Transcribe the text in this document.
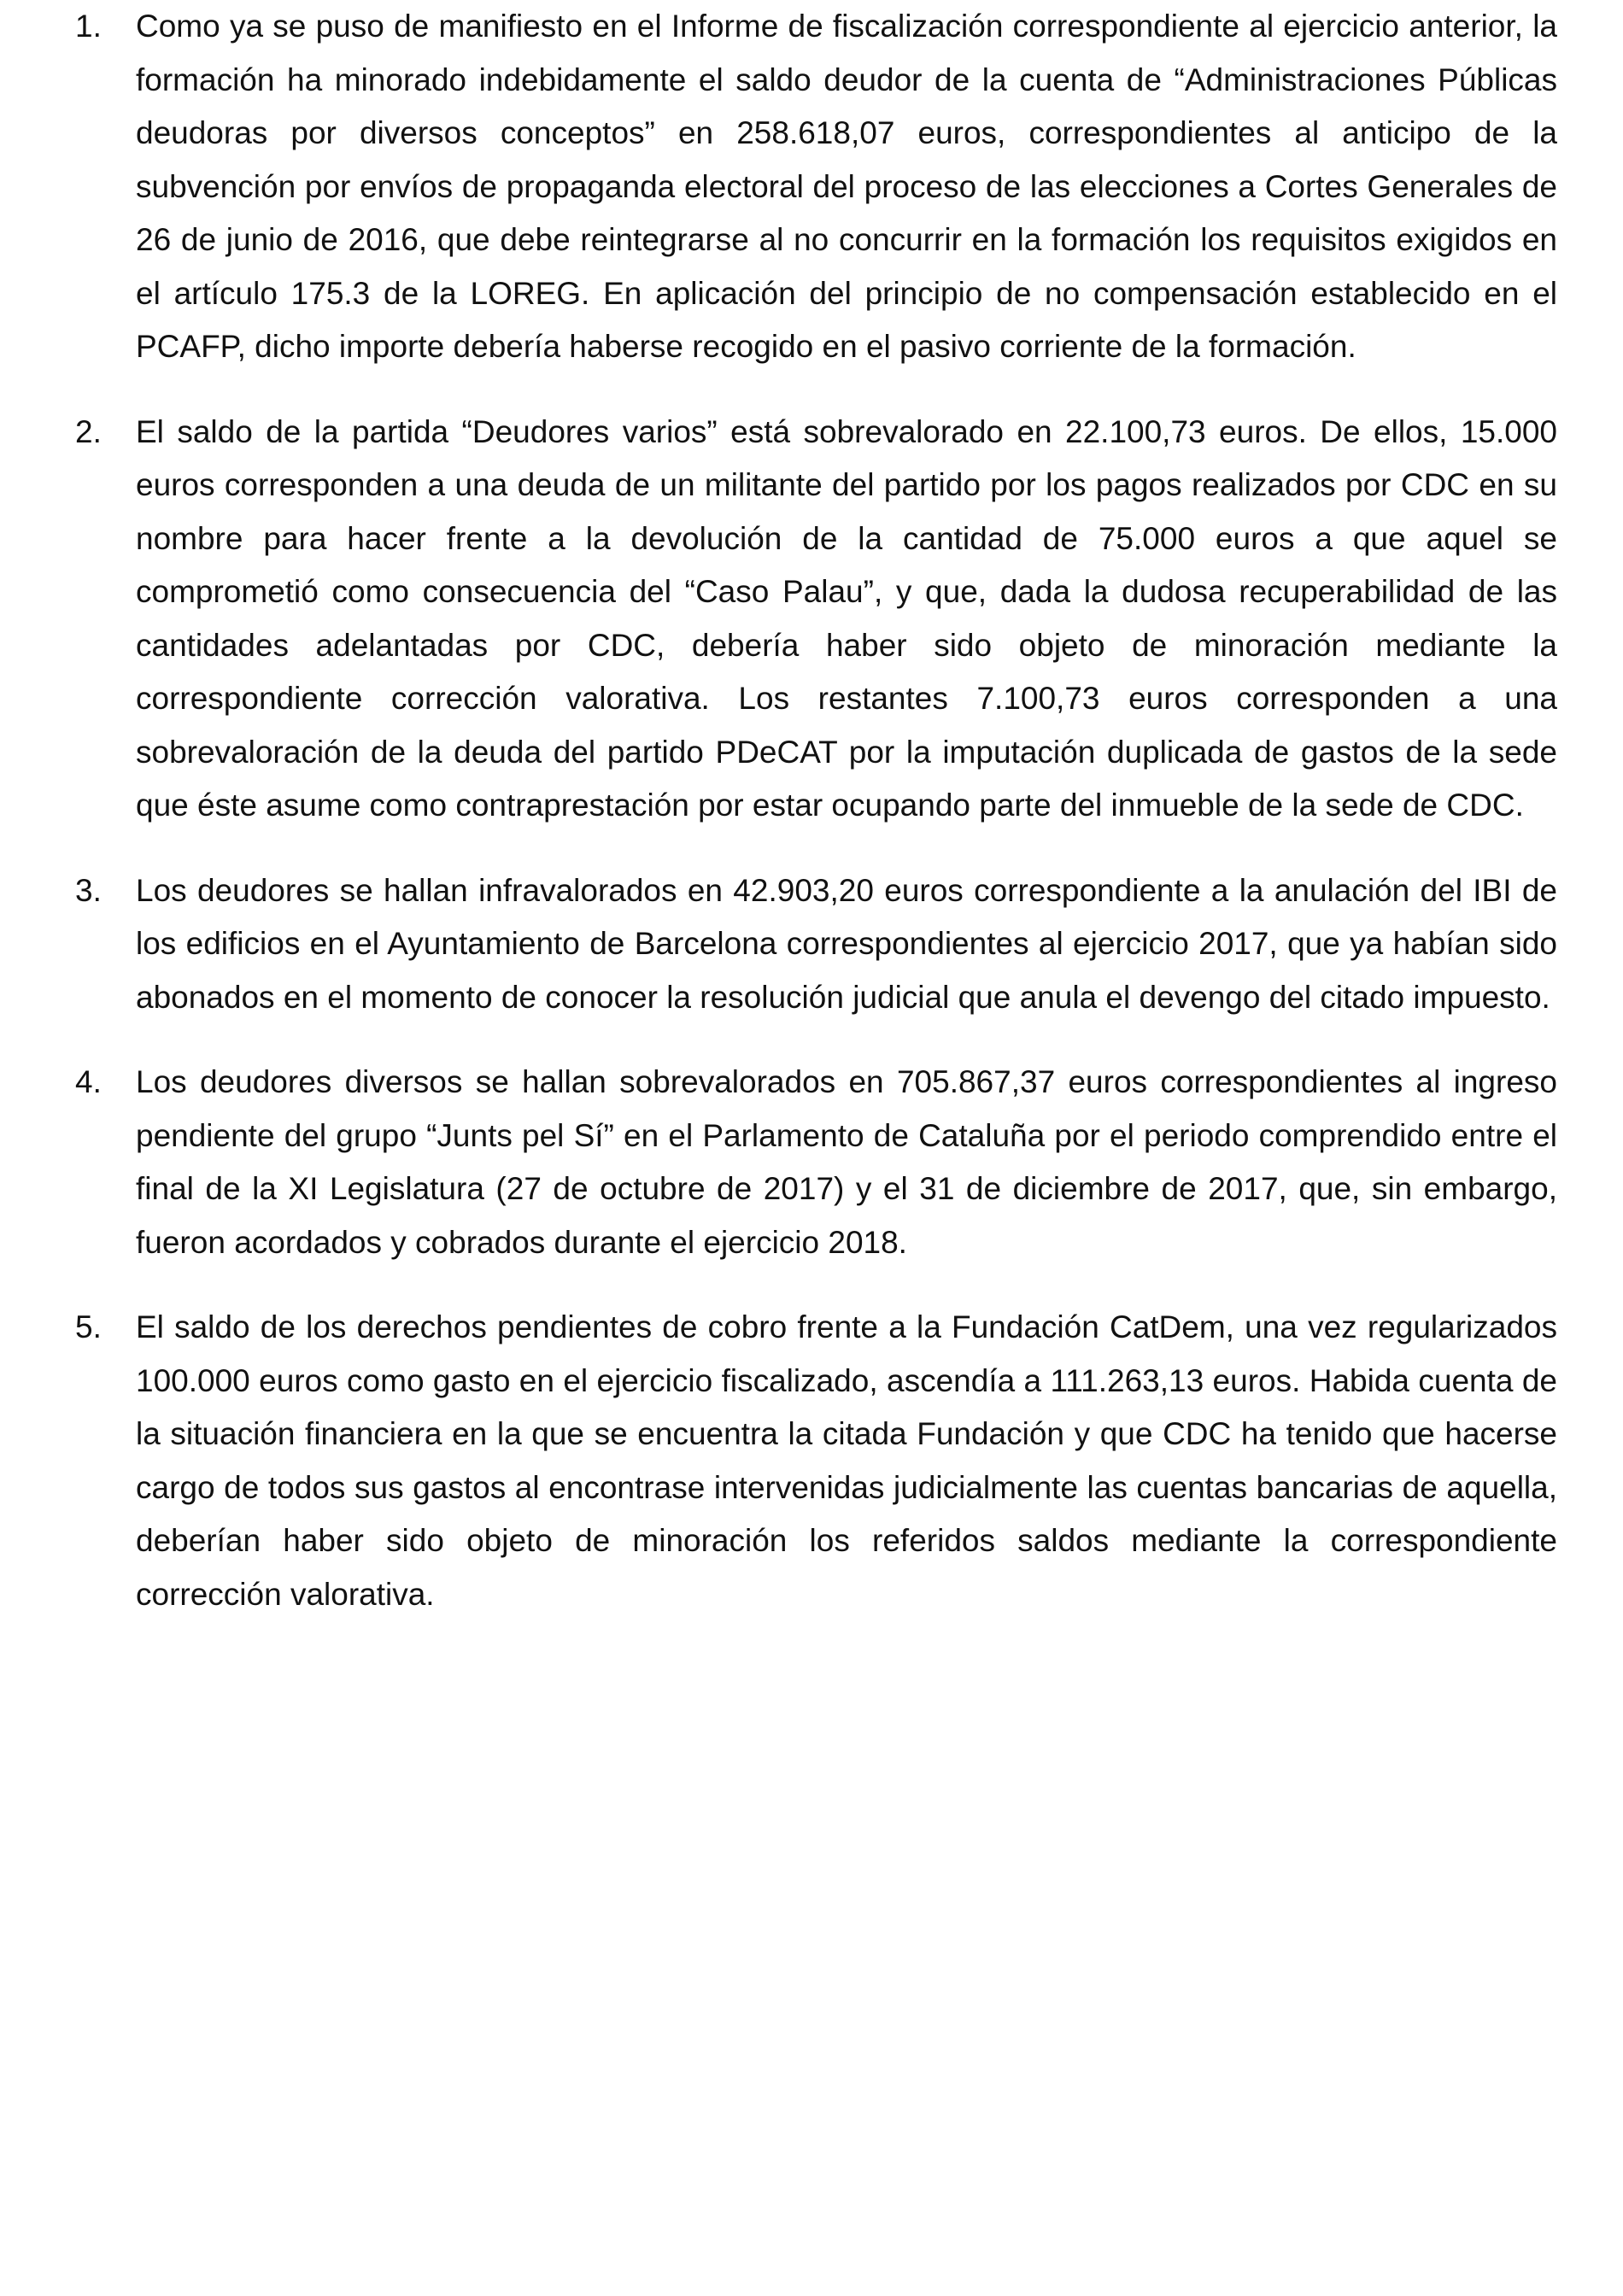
1.	Como ya se puso de manifiesto en el Informe de fiscalización correspondiente al ejercicio anterior, la formación ha minorado indebidamente el saldo deudor de la cuenta de “Administraciones Públicas deudoras por diversos conceptos” en 258.618,07 euros, correspondientes al anticipo de la subvención por envíos de propaganda electoral del proceso de las elecciones a Cortes Generales de 26 de junio de 2016, que debe reintegrarse al no concurrir en la formación los requisitos exigidos en el artículo 175.3 de la LOREG. En aplicación del principio de no compensación establecido en el PCAFP, dicho importe debería haberse recogido en el pasivo corriente de la formación.
2.	El saldo de la partida “Deudores varios” está sobrevalorado en 22.100,73 euros. De ellos, 15.000 euros corresponden a una deuda de un militante del partido por los pagos realizados por CDC en su nombre para hacer frente a la devolución de la cantidad de 75.000 euros a que aquel se comprometió como consecuencia del “Caso Palau”, y que, dada la dudosa recuperabilidad de las cantidades adelantadas por CDC, debería haber sido objeto de minoración mediante la correspondiente corrección valorativa. Los restantes 7.100,73 euros corresponden a una sobrevaloración de la deuda del partido PDeCAT por la imputación duplicada de gastos de la sede que éste asume como contraprestación por estar ocupando parte del inmueble de la sede de CDC.
3.	Los deudores se hallan infravalorados en 42.903,20 euros correspondiente a la anulación del IBI de los edificios en el Ayuntamiento de Barcelona correspondientes al ejercicio 2017, que ya habían sido abonados en el momento de conocer la resolución judicial que anula el devengo del citado impuesto.
4.	Los deudores diversos se hallan sobrevalorados en 705.867,37 euros correspondientes al ingreso pendiente del grupo “Junts pel Sí” en el Parlamento de Cataluña por el periodo comprendido entre el final de la XI Legislatura (27 de octubre de 2017) y el 31 de diciembre de 2017, que, sin embargo, fueron acordados y cobrados durante el ejercicio 2018.
5.	El saldo de los derechos pendientes de cobro frente a la Fundación CatDem, una vez regularizados 100.000 euros como gasto en el ejercicio fiscalizado, ascendía a 111.263,13 euros. Habida cuenta de la situación financiera en la que se encuentra la citada Fundación y que CDC ha tenido que hacerse cargo de todos sus gastos al encontrase intervenidas judicialmente las cuentas bancarias de aquella, deberían haber sido objeto de minoración los referidos saldos mediante la correspondiente corrección valorativa.
